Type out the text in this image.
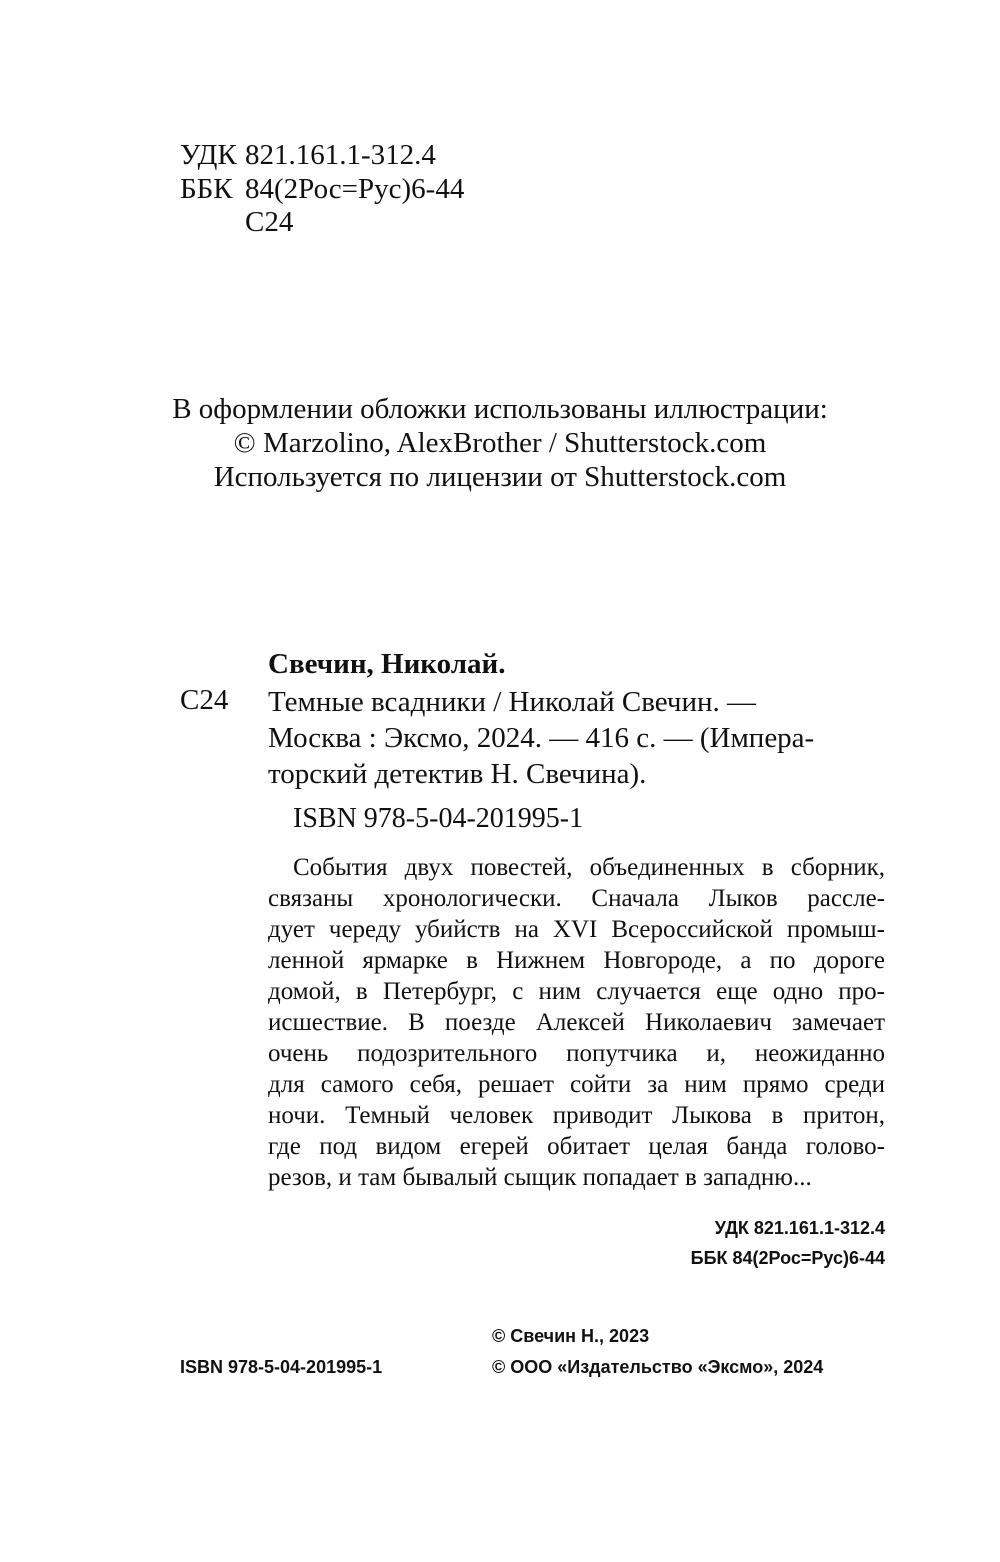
УДК 821.161.1-312.4
ББК 84(2Рос=Рус)6-44
С24
В оформлении обложки использованы иллюстрации:
© Marzolino, AlexBrother / Shutterstock.com
Используется по лицензии от Shutterstock.com
Свечин, Николай.
С24 Темные всадники / Николай Свечин. —
Москва : Эксмо, 2024. — 416 с. — (Импера-
торский детектив Н. Свечина).
ISBN 978-5-04-201995-1
События двух повестей, объединенных в сборник,
связаны хронологически. Сначала Лыков рассле-
дует череду убийств на XVI Всероссийской промыш-
ленной ярмарке в Нижнем Новгороде, а по дороге
домой, в Петербург, с ним случается еще одно про-
исшествие. В поезде Алексей Николаевич замечает
очень подозрительного попутчика и, неожиданно
для самого себя, решает сойти за ним прямо среди
ночи. Темный человек приводит Лыкова в притон,
где под видом егерей обитает целая банда голово-
резов, и там бывалый сыщик попадает в западню...
УДК 821.161.1-312.4
ББК 84(2Рос=Рус)6-44
© Свечин Н., 2023
© ООО «Издательство «Эксмо», 2024
ISBN 978-5-04-201995-1
